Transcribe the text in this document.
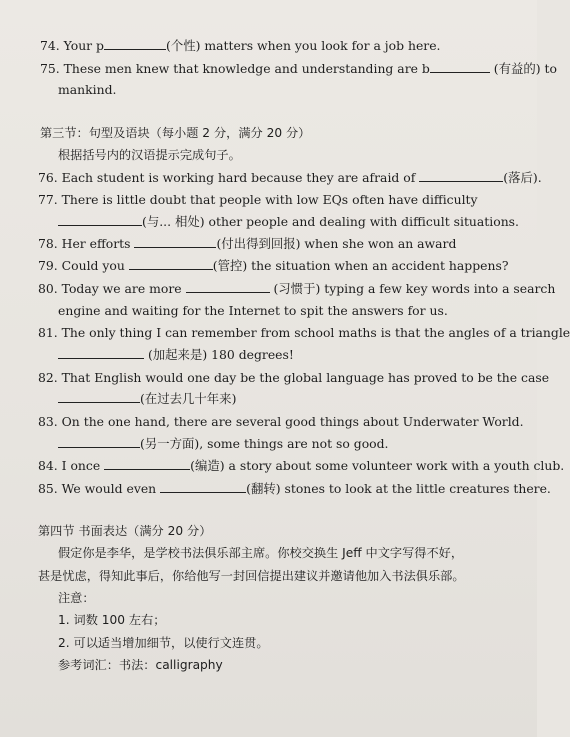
74. Your p	(个性) matters when you look for a job here.
75. These men knew that knowledge and understanding are b	(有益的) to
mankind.
第三节：句型及语块（每小题 2 分，满分 20 分）
根据括号内的汉语提示完成句子。
76. Each student is working hard because they are afraid of	(落后).
77. There is little doubt that people with low EQs often have difficulty
(与... 相处) other people and dealing with difficult situations.
78. Her efforts	(付出得到回报) when she won an award
79. Could you	(管控) the situation when an accident happens?
80. Today we are more	(习惯于) typing a few key words into a search
engine and waiting for the Internet to spit the answers for us.
81. The only thing I can remember from school maths is that the angles of a triangle
(加起来是) 180 degrees!
82. That English would one day be the global language has proved to be the case
(在过去几十年来)
83. On the one hand, there are several good things about Underwater World.
(另一方面), some things are not so good.
84. I once	(编造) a story about some volunteer work with a youth club.
85. We would even	(翻转) stones to look at the little creatures there.
第四节 书面表达（满分 20 分）
假定你是李华，是学校书法俱乐部主席。你校交换生 Jeff 中文字写得不好，
甚是忧虑，得知此事后，你给他写一封回信提出建议并邀请他加入书法俱乐部。
注意：
1. 词数 100 左右；
2. 可以适当增加细节，以使行文连贯。
参考词汇：书法：calligraphy
